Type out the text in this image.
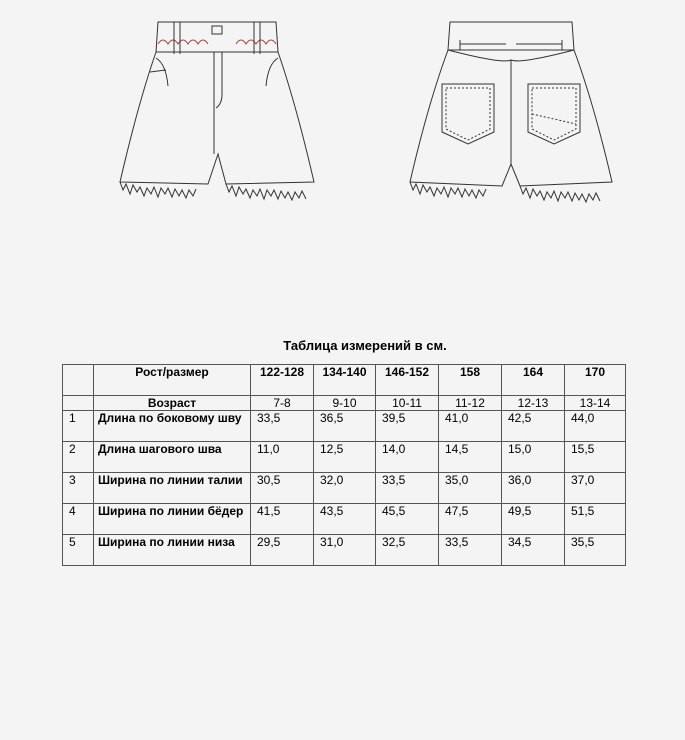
Таблица измерений в см.
	Рост/размер	122-128	134-140	146-152	158	164	170
	Возраст	7-8	9-10	10-11	11-12	12-13	13-14
1	Длина по боковому шву	33,5	36,5	39,5	41,0	42,5	44,0
2	Длина шагового шва	11,0	12,5	14,0	14,5	15,0	15,5
3	Ширина по линии талии	30,5	32,0	33,5	35,0	36,0	37,0
4	Ширина по линии бёдер	41,5	43,5	45,5	47,5	49,5	51,5
5	Ширина по линии низа	29,5	31,0	32,5	33,5	34,5	35,5
